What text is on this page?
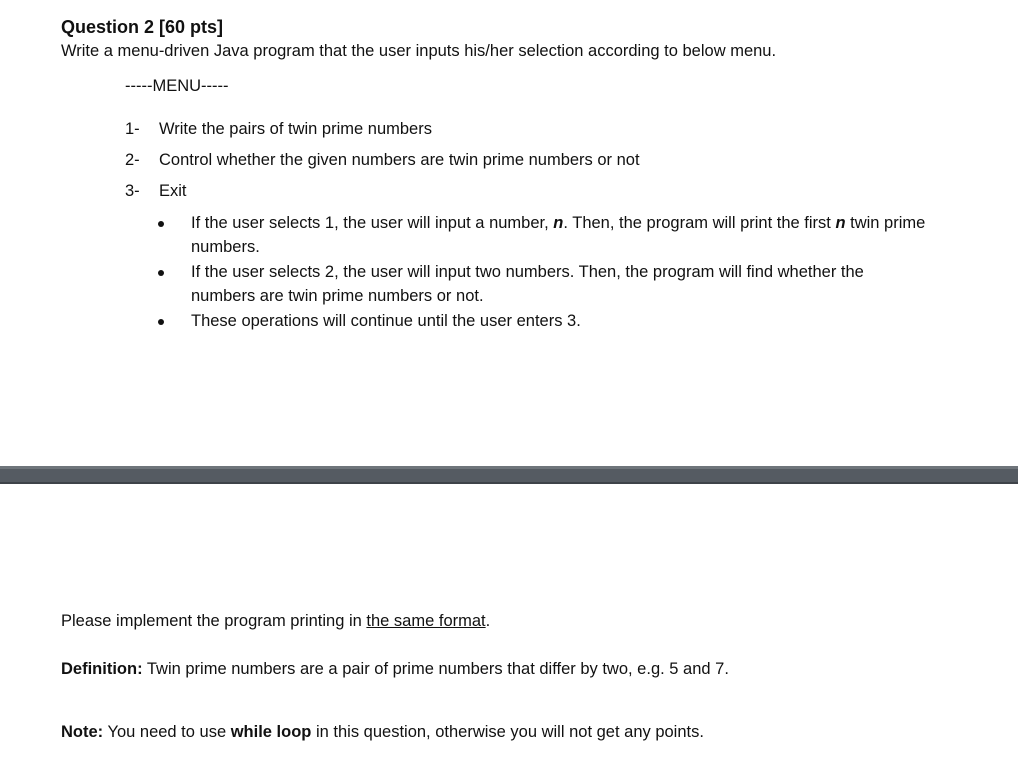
Question 2 [60 pts]
Write a menu-driven Java program that the user inputs his/her selection according to below menu.
-----MENU-----
1- Write the pairs of twin prime numbers
2- Control whether the given numbers are twin prime numbers or not
3- Exit
If the user selects 1, the user will input a number, n. Then, the program will print the first n twin prime numbers.
If the user selects 2, the user will input two numbers. Then, the program will find whether the numbers are twin prime numbers or not.
These operations will continue until the user enters 3.
Please implement the program printing in the same format.
Definition: Twin prime numbers are a pair of prime numbers that differ by two, e.g. 5 and 7.
Note: You need to use while loop in this question, otherwise you will not get any points.
